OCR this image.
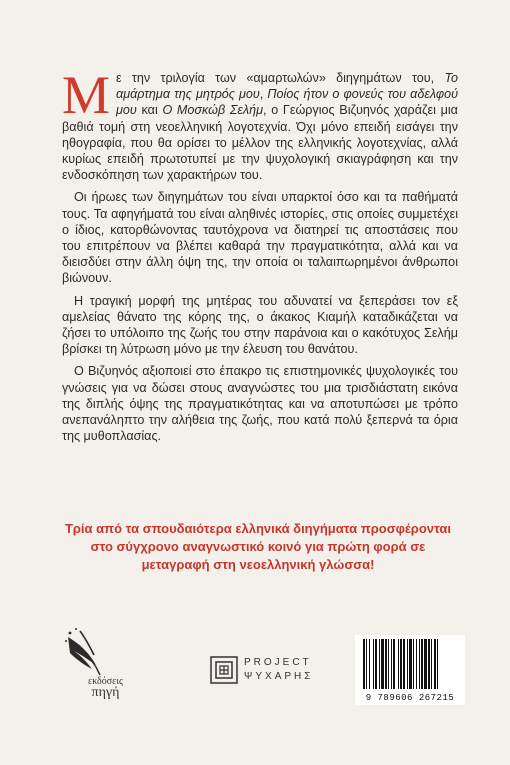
Με την τριλογία των «αμαρτωλών» διηγημάτων του, Το αμάρτημα της μητρός μου, Ποίος ήτον ο φονεύς του αδελφού μου και Ο Μοσκώβ Σελήμ, ο Γεώργιος Βιζυηνός χαράζει μια βαθιά τομή στη νεοελληνική λογοτεχνία. Όχι μόνο επειδή εισάγει την ηθογραφία, που θα ορίσει το μέλλον της ελληνικής λογοτεχνίας, αλλά κυρίως επειδή πρωτοτυπεί με την ψυχολογική σκιαγράφηση και την ενδοσκόπηση των χαρακτήρων του.

Οι ήρωες των διηγημάτων του είναι υπαρκτοί όσο και τα παθήματά τους. Τα αφηγήματά του είναι αληθινές ιστορίες, στις οποίες συμμετέχει ο ίδιος, κατορθώνοντας ταυτόχρονα να διατηρεί τις αποστάσεις που του επιτρέπουν να βλέπει καθαρά την πραγματικότητα, αλλά και να διεισδύει στην άλλη όψη της, την οποία οι ταλαιπωρημένοι άνθρωποι βιώνουν.

Η τραγική μορφή της μητέρας του αδυνατεί να ξεπεράσει τον εξ αμελείας θάνατο της κόρης της, ο άκακος Κιαμήλ καταδικάζεται να ζήσει το υπόλοιπο της ζωής του στην παράνοια και ο κακότυχος Σελήμ βρίσκει τη λύτρωση μόνο με την έλευση του θανάτου.

Ο Βιζυηνός αξιοποιεί στο έπακρο τις επιστημονικές ψυχολογικές του γνώσεις για να δώσει στους αναγνώστες του μια τρισδιάστατη εικόνα της διπλής όψης της πραγματικότητας και να αποτυπώσει με τρόπο ανεπανάληπτο την αλήθεια της ζωής, που κατά πολύ ξεπερνά τα όρια της μυθοπλασίας.

Τρία από τα σπουδαιότερα ελληνικά διηγήματα προσφέρονται στο σύγχρονο αναγνωστικό κοινό για πρώτη φορά σε μεταγραφή στη νεοελληνική γλώσσα!
εκδόσεις
πηγή
PROJECT
ΨΥΧΑΡΗΣ
9 789606 267215
